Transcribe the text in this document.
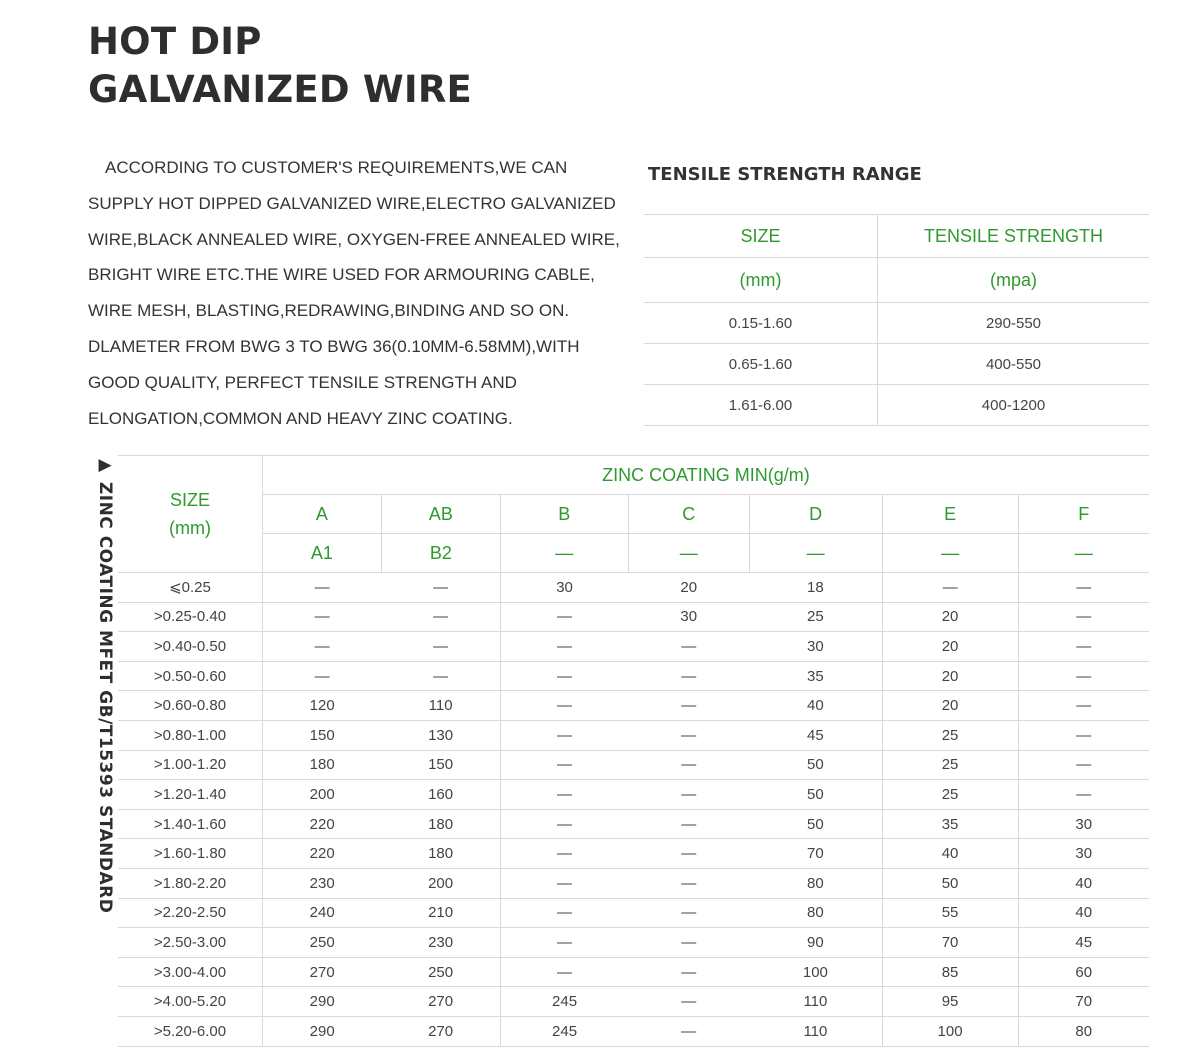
HOT DIP
GALVANIZED WIRE
ACCORDING TO CUSTOMER'S REQUIREMENTS,WE CAN
SUPPLY HOT DIPPED GALVANIZED WIRE,ELECTRO GALVANIZED
WIRE,BLACK ANNEALED WIRE, OXYGEN-FREE ANNEALED WIRE,
BRIGHT WIRE ETC.THE WIRE USED FOR ARMOURING CABLE,
WIRE MESH, BLASTING,REDRAWING,BINDING AND SO ON.
DLAMETER FROM BWG 3 TO BWG 36(0.10MM-6.58MM),WITH
GOOD QUALITY, PERFECT TENSILE STRENGTH AND
ELONGATION,COMMON AND HEAVY ZINC COATING.
TENSILE STRENGTH RANGE
SIZE	TENSILE STRENGTH
(mm)	(mpa)
0.15-1.60	290-550
0.65-1.60	400-550
1.61-6.00	400-1200
▶ ZINC COATING MFET GB/T15393 STANDARD	SIZE
(mm)	ZINC COATING MIN(g/m)						
	A	AB	B	C	D	E	F
	A1	B2	—	—	—	—	—
⩽0.25	—	—	30	20	18	—	—
>0.25-0.40	—	—	—	30	25	20	—
>0.40-0.50	—	—	—	—	30	20	—
>0.50-0.60	—	—	—	—	35	20	—
>0.60-0.80	120	110	—	—	40	20	—
>0.80-1.00	150	130	—	—	45	25	—
>1.00-1.20	180	150	—	—	50	25	—
>1.20-1.40	200	160	—	—	50	25	—
>1.40-1.60	220	180	—	—	50	35	30
>1.60-1.80	220	180	—	—	70	40	30
>1.80-2.20	230	200	—	—	80	50	40
>2.20-2.50	240	210	—	—	80	55	40
>2.50-3.00	250	230	—	—	90	70	45
>3.00-4.00	270	250	—	—	100	85	60
>4.00-5.20	290	270	245	—	110	95	70
>5.20-6.00	290	270	245	—	110	100	80
